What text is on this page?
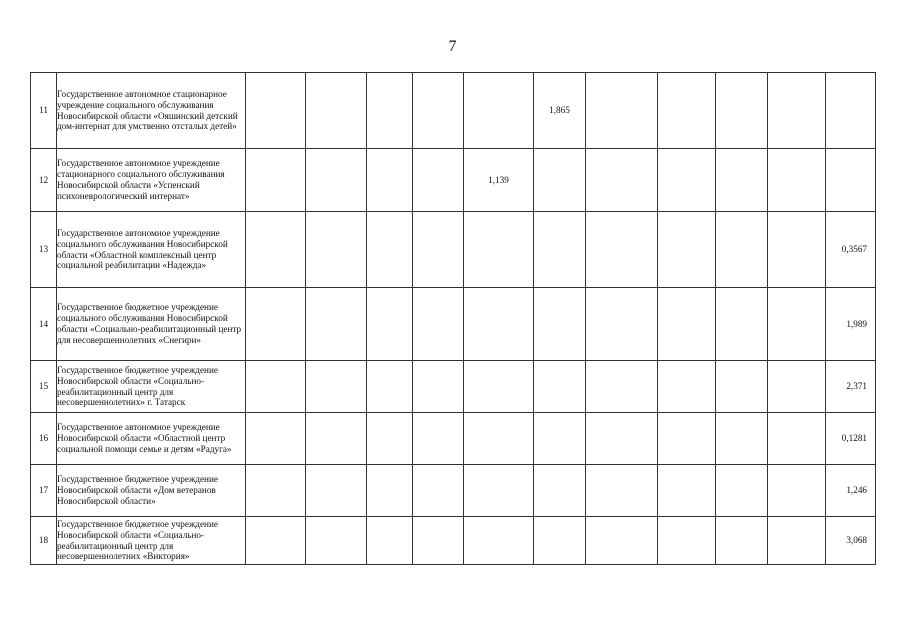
7
11	Государственное автономное стационарное учреждение социального обслуживания Новосибирской области «Ояшинский детский дом-интернат для умственно отсталых детей»						1,865					
12	Государственное автономное учреждение стационарного социального обслуживания Новосибирской области «Успенский психоневрологический интернат»					1,139						
13	Государственное автономное учреждение социального обслуживания Новосибирской области «Областной комплексный центр социальной реабилитации «Надежда»											0,3567
14	Государственное бюджетное учреждение социального обслуживания Новосибирской области «Социально-реабилитационный центр для несовершеннолетних «Снегири»											1,989
15	Государственное бюджетное учреждение Новосибирской области «Социально-реабилитационный центр для несовершеннолетних» г. Татарск											2,371
16	Государственное автономное учреждение Новосибирской области «Областной центр социальной помощи семье и детям «Радуга»											0,1281
17	Государственное бюджетное учреждение Новосибирской области «Дом ветеранов Новосибирской области»											1,246
18	Государственное бюджетное учреждение Новосибирской области «Социально-реабилитационный центр для несовершеннолетних «Виктория»											3,068
